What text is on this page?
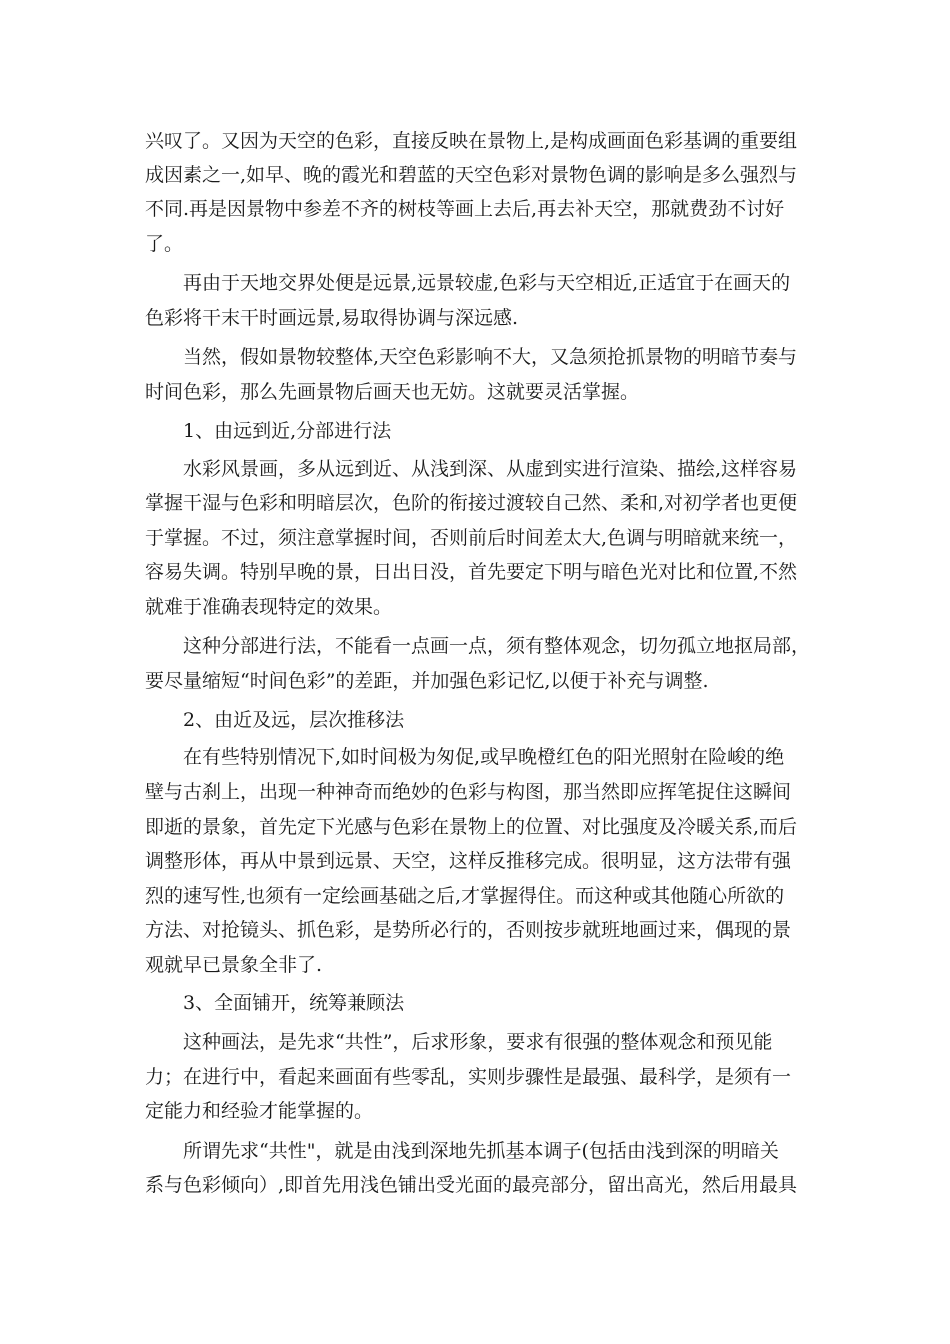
兴叹了。又因为天空的色彩，直接反映在景物上,是构成画面色彩基调的重要组
成因素之一,如早、晚的霞光和碧蓝的天空色彩对景物色调的影响是多么强烈与
不同.再是因景物中参差不齐的树枝等画上去后,再去补天空，那就费劲不讨好
了。
再由于天地交界处便是远景,远景较虚,色彩与天空相近,正适宜于在画天的
色彩将干末干时画远景,易取得协调与深远感.
当然，假如景物较整体,天空色彩影响不大，又急须抢抓景物的明暗节奏与
时间色彩，那么先画景物后画天也无妨。这就要灵活掌握。
1、由远到近,分部进行法
水彩风景画，多从远到近、从浅到深、从虚到实进行渲染、描绘,这样容易
掌握干湿与色彩和明暗层次，色阶的衔接过渡较自己然、柔和,对初学者也更便
于掌握。不过，须注意掌握时间，否则前后时间差太大,色调与明暗就来统一，
容易失调。特别早晚的景，日出日没，首先要定下明与暗色光对比和位置,不然
就难于准确表现特定的效果。
这种分部进行法，不能看一点画一点，须有整体观念，切勿孤立地抠局部，
要尽量缩短“时间色彩”的差距，并加强色彩记忆,以便于补充与调整.
2、由近及远，层次推移法
在有些特别情况下,如时间极为匆促,或早晚橙红色的阳光照射在险峻的绝
壁与古刹上，出现一种神奇而绝妙的色彩与构图，那当然即应挥笔捉住这瞬间
即逝的景象，首先定下光感与色彩在景物上的位置、对比强度及冷暖关系,而后
调整形体，再从中景到远景、天空，这样反推移完成。很明显，这方法带有强
烈的速写性,也须有一定绘画基础之后,才掌握得住。而这种或其他随心所欲的
方法、对抢镜头、抓色彩，是势所必行的，否则按步就班地画过来，偶现的景
观就早已景象全非了.
3、全面铺开，统筹兼顾法
这种画法，是先求“共性”，后求形象，要求有很强的整体观念和预见能
力；在进行中，看起来画面有些零乱，实则步骤性是最强、最科学，是须有一
定能力和经验才能掌握的。
所谓先求“共性"，就是由浅到深地先抓基本调子(包括由浅到深的明暗关
系与色彩倾向）,即首先用浅色铺出受光面的最亮部分，留出高光，然后用最具
